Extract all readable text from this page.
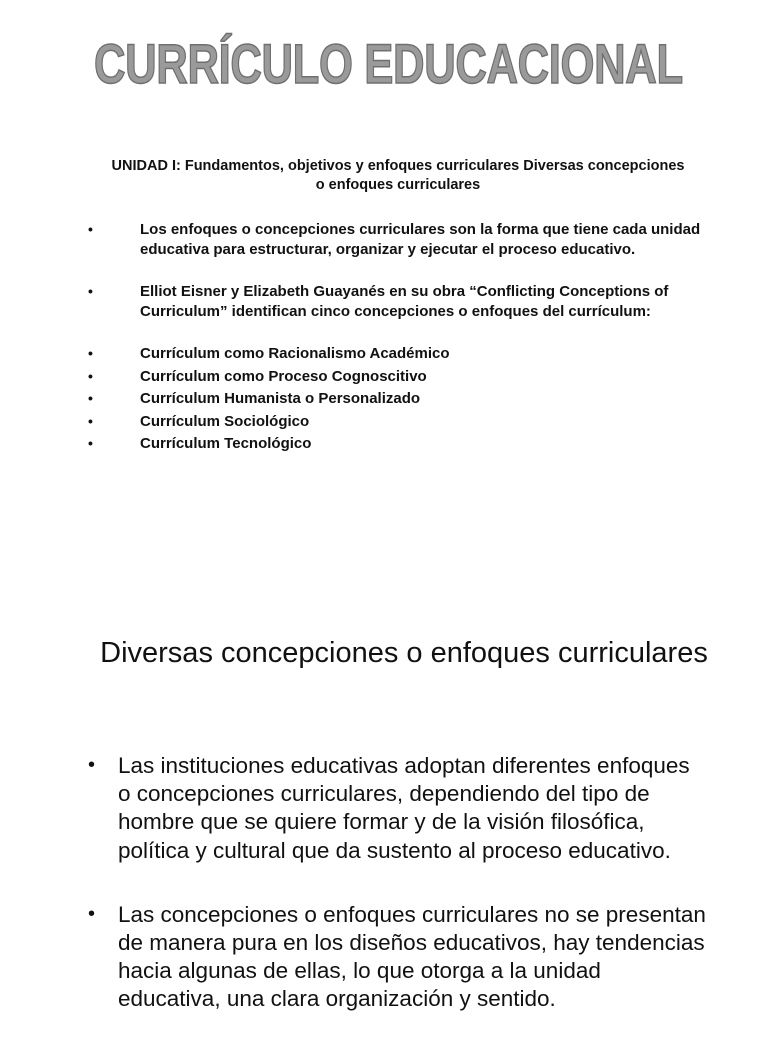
CURRÍCULO EDUCACIONAL
UNIDAD I: Fundamentos, objetivos y enfoques curriculares Diversas concepciones o enfoques curriculares
•	Los enfoques o concepciones curriculares son la forma que tiene cada unidad educativa para estructurar, organizar y ejecutar el proceso educativo.
•	Elliot Eisner y Elizabeth Guayanés en su obra “Conflicting Conceptions of Curriculum” identifican cinco concepciones o enfoques del currículum:
•	Currículum como Racionalismo Académico
•	Currículum como Proceso Cognoscitivo
•	Currículum Humanista o Personalizado
•	Currículum Sociológico
•	Currículum Tecnológico
Diversas concepciones o enfoques curriculares
• Las instituciones educativas adoptan diferentes enfoques o concepciones curriculares, dependiendo del tipo de hombre que se quiere formar y de la visión filosófica, política y cultural que da sustento al proceso educativo.
• Las concepciones o enfoques curriculares no se presentan de manera pura en los diseños educativos, hay tendencias hacia algunas de ellas, lo que otorga a la unidad educativa, una clara organización y sentido.
